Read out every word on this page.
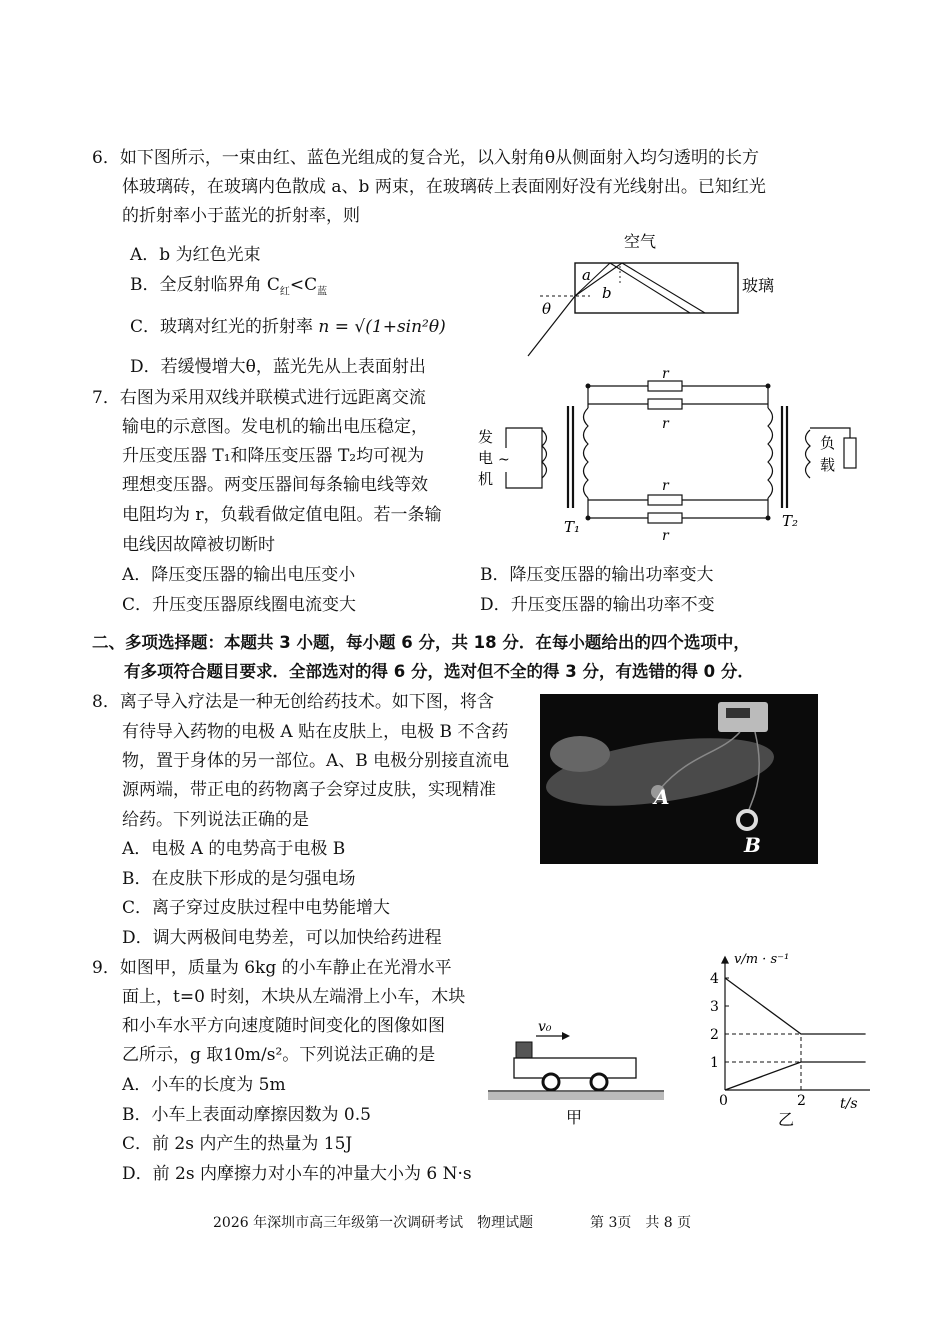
6．如下图所示，一束由红、蓝色光组成的复合光，以入射角θ从侧面射入均匀透明的长方
体玻璃砖，在玻璃内色散成 a、b 两束，在玻璃砖上表面刚好没有光线射出。已知红光
的折射率小于蓝光的折射率，则
A．b 为红色光束
B．全反射临界角 $C_红<C_蓝$
C．玻璃对红光的折射率 n = √(1+sin²θ)
D．若缓慢增大θ，蓝光先从上表面射出
空气
玻璃
a
b
θ
7．右图为采用双线并联模式进行远距离交流
输电的示意图。发电机的输出电压稳定，
升压变压器 T₁和降压变压器 T₂均可视为
理想变压器。两变压器间每条输电线等效
电阻均为 r，负载看做定值电阻。若一条输
电线因故障被切断时
A．降压变压器的输出电压变小	B．降压变压器的输出功率变大
C．升压变压器原线圈电流变大	D．升压变压器的输出功率不变
发
电
机
~
r
r
r
r
负
载
T₁	T₂
二、多项选择题：本题共 3 小题，每小题 6 分，共 18 分．在每小题给出的四个选项中，
有多项符合题目要求．全部选对的得 6 分，选对但不全的得 3 分，有选错的得 0 分．
8．离子导入疗法是一种无创给药技术。如下图，将含
有待导入药物的电极 A 贴在皮肤上，电极 B 不含药
物，置于身体的另一部位。A、B 电极分别接直流电
源两端，带正电的药物离子会穿过皮肤，实现精准
给药。下列说法正确的是
A．电极 A 的电势高于电极 B
B．在皮肤下形成的是匀强电场
C．离子穿过皮肤过程中电势能增大
D．调大两极间电势差，可以加快给药进程
A
B
9．如图甲，质量为 6kg 的小车静止在光滑水平
面上，t=0 时刻，木块从左端滑上小车，木块
和小车水平方向速度随时间变化的图像如图
乙所示，g 取10m/s²。下列说法正确的是
A．小车的长度为 5m
B．小车上表面动摩擦因数为 0.5
C．前 2s 内产生的热量为 15J
D．前 2s 内摩擦力对小车的冲量大小为 6 N·s
v₀
甲
v/m · s⁻¹
t/s
0
乙
1
2
3
4
2
2026 年深圳市高三年级第一次调研考试　物理试题	第 3页　共 8 页
